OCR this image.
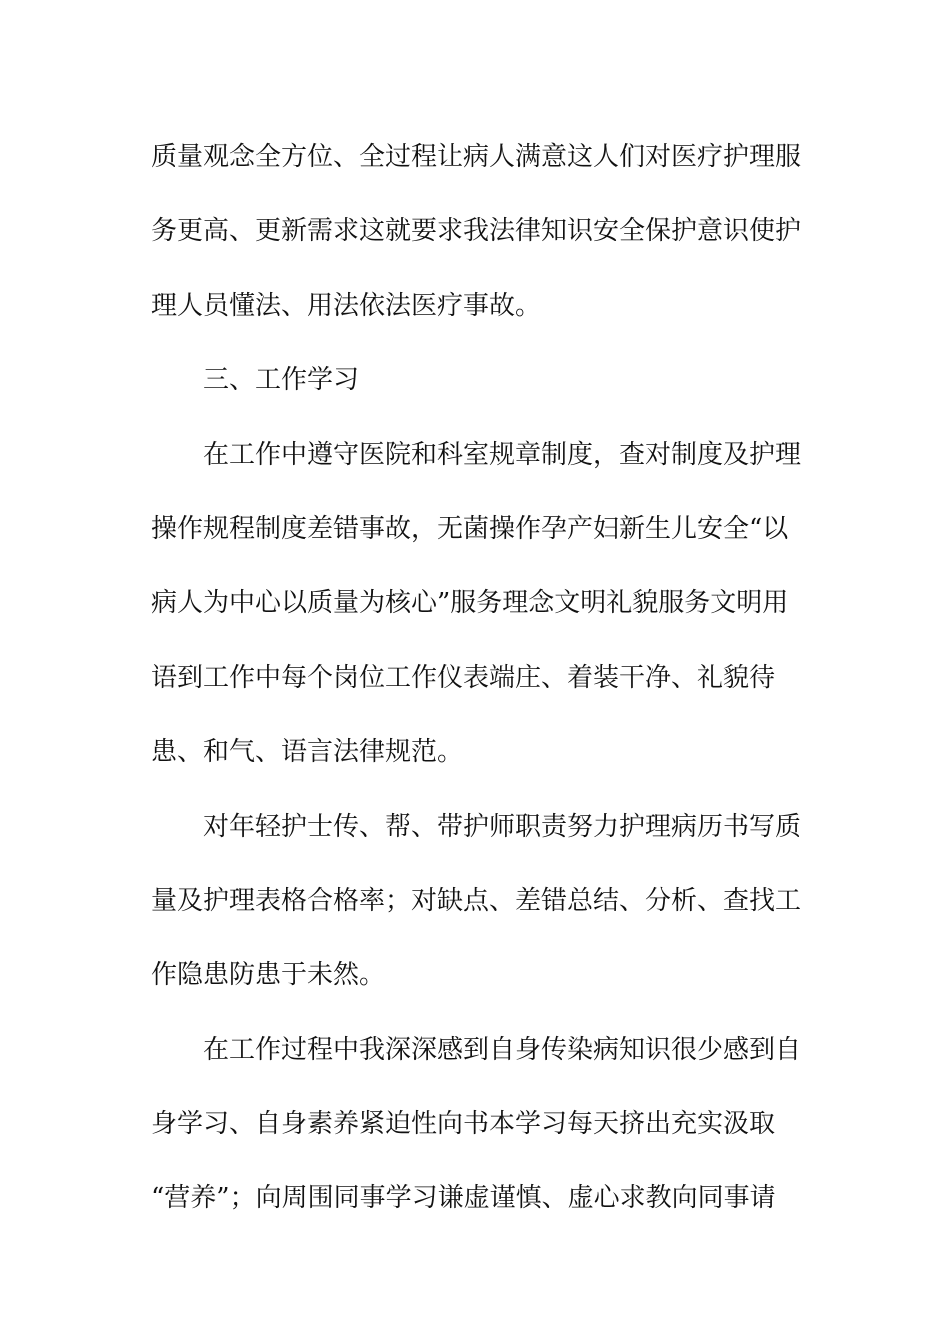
质量观念全方位、全过程让病人满意这人们对医疗护理服
务更高、更新需求这就要求我法律知识安全保护意识使护
理人员懂法、用法依法医疗事故。
三、工作学习
在工作中遵守医院和科室规章制度，查对制度及护理
操作规程制度差错事故，无菌操作孕产妇新生儿安全“以
病人为中心以质量为核心”服务理念文明礼貌服务文明用
语到工作中每个岗位工作仪表端庄、着装干净、礼貌待
患、和气、语言法律规范。
对年轻护士传、帮、带护师职责努力护理病历书写质
量及护理表格合格率；对缺点、差错总结、分析、查找工
作隐患防患于未然。
在工作过程中我深深感到自身传染病知识很少感到自
身学习、自身素养紧迫性向书本学习每天挤出充实汲取
“营养”；向周围同事学习谦虚谨慎、虚心求教向同事请
